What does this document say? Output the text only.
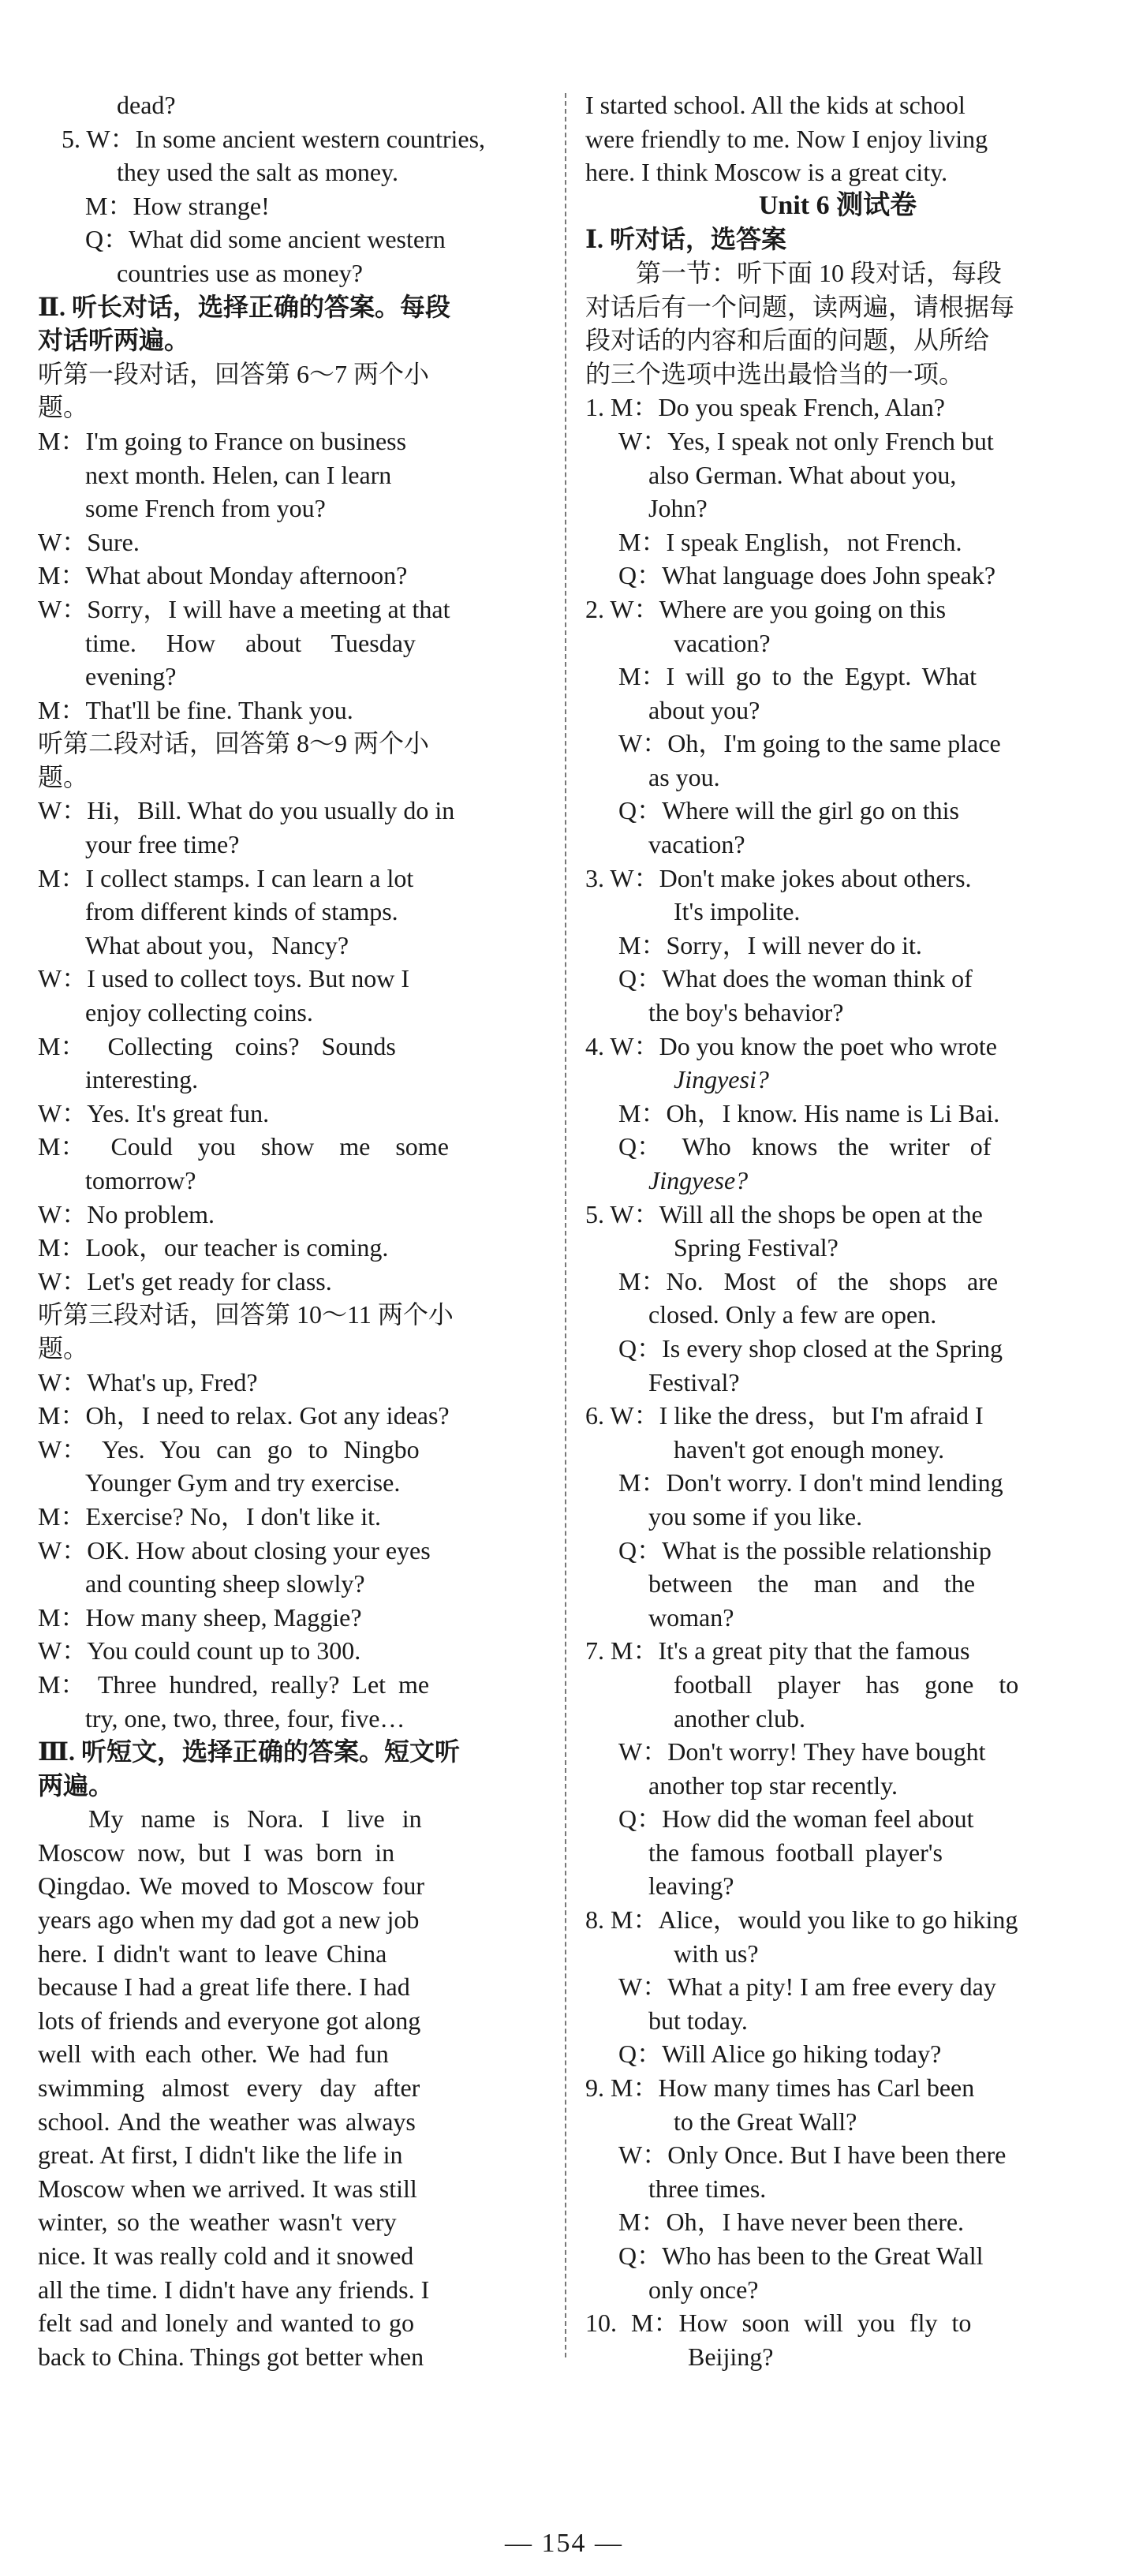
dead?
5. W：In some ancient western countries,
they used the salt as money.
M：How strange!
Q：What did some ancient western
countries use as money?
Ⅱ. 听长对话，选择正确的答案。每段
对话听两遍。
听第一段对话，回答第 6～7 两个小
题。
M：I'm going to France on business
next month. Helen, can I learn
some French from you?
W：Sure.
M：What about Monday afternoon?
W：Sorry，I will have a meeting at that
time. How about Tuesday
evening?
M：That'll be fine. Thank you.
听第二段对话，回答第 8～9 两个小
题。
W：Hi，Bill. What do you usually do in
your free time?
M：I collect stamps. I can learn a lot
from different kinds of stamps.
What about you，Nancy?
W：I used to collect toys. But now I
enjoy collecting coins.
M： Collecting coins? Sounds
interesting.
W：Yes. It's great fun.
M： Could you show me some
tomorrow?
W：No problem.
M：Look，our teacher is coming.
W：Let's get ready for class.
听第三段对话，回答第 10～11 两个小
题。
W：What's up, Fred?
M：Oh，I need to relax. Got any ideas?
W： Yes. You can go to Ningbo
Younger Gym and try exercise.
M：Exercise? No，I don't like it.
W：OK. How about closing your eyes
and counting sheep slowly?
M：How many sheep, Maggie?
W：You could count up to 300.
M： Three hundred, really? Let me
try, one, two, three, four, five…
Ⅲ. 听短文，选择正确的答案。短文听
两遍。
My name is Nora. I live in
Moscow now, but I was born in
Qingdao. We moved to Moscow four
years ago when my dad got a new job
here. I didn't want to leave China
because I had a great life there. I had
lots of friends and everyone got along
well with each other. We had fun
swimming almost every day after
school. And the weather was always
great. At first, I didn't like the life in
Moscow when we arrived. It was still
winter, so the weather wasn't very
nice. It was really cold and it snowed
all the time. I didn't have any friends. I
felt sad and lonely and wanted to go
back to China. Things got better when
I started school. All the kids at school
were friendly to me. Now I enjoy living
here. I think Moscow is a great city.
Unit 6 测试卷
Ⅰ. 听对话，选答案
第一节：听下面 10 段对话，每段
对话后有一个问题，读两遍，请根据每
段对话的内容和后面的问题，从所给
的三个选项中选出最恰当的一项。
1. M：Do you speak French, Alan?
W：Yes, I speak not only French but
also German. What about you,
John?
M：I speak English，not French.
Q：What language does John speak?
2. W：Where are you going on this
vacation?
M：I will go to the Egypt. What
about you?
W：Oh，I'm going to the same place
as you.
Q：Where will the girl go on this
vacation?
3. W：Don't make jokes about others.
It's impolite.
M：Sorry，I will never do it.
Q：What does the woman think of
the boy's behavior?
4. W：Do you know the poet who wrote
Jingyesi?
M：Oh，I know. His name is Li Bai.
Q： Who knows the writer of
Jingyese?
5. W：Will all the shops be open at the
Spring Festival?
M：No. Most of the shops are
closed. Only a few are open.
Q：Is every shop closed at the Spring
Festival?
6. W：I like the dress，but I'm afraid I
haven't got enough money.
M：Don't worry. I don't mind lending
you some if you like.
Q：What is the possible relationship
between the man and the
woman?
7. M：It's a great pity that the famous
football player has gone to
another club.
W：Don't worry! They have bought
another top star recently.
Q：How did the woman feel about
the famous football player's
leaving?
8. M：Alice，would you like to go hiking
with us?
W：What a pity! I am free every day
but today.
Q：Will Alice go hiking today?
9. M：How many times has Carl been
to the Great Wall?
W：Only Once. But I have been there
three times.
M：Oh，I have never been there.
Q：Who has been to the Great Wall
only once?
10. M：How soon will you fly to
Beijing?
— 154 —
